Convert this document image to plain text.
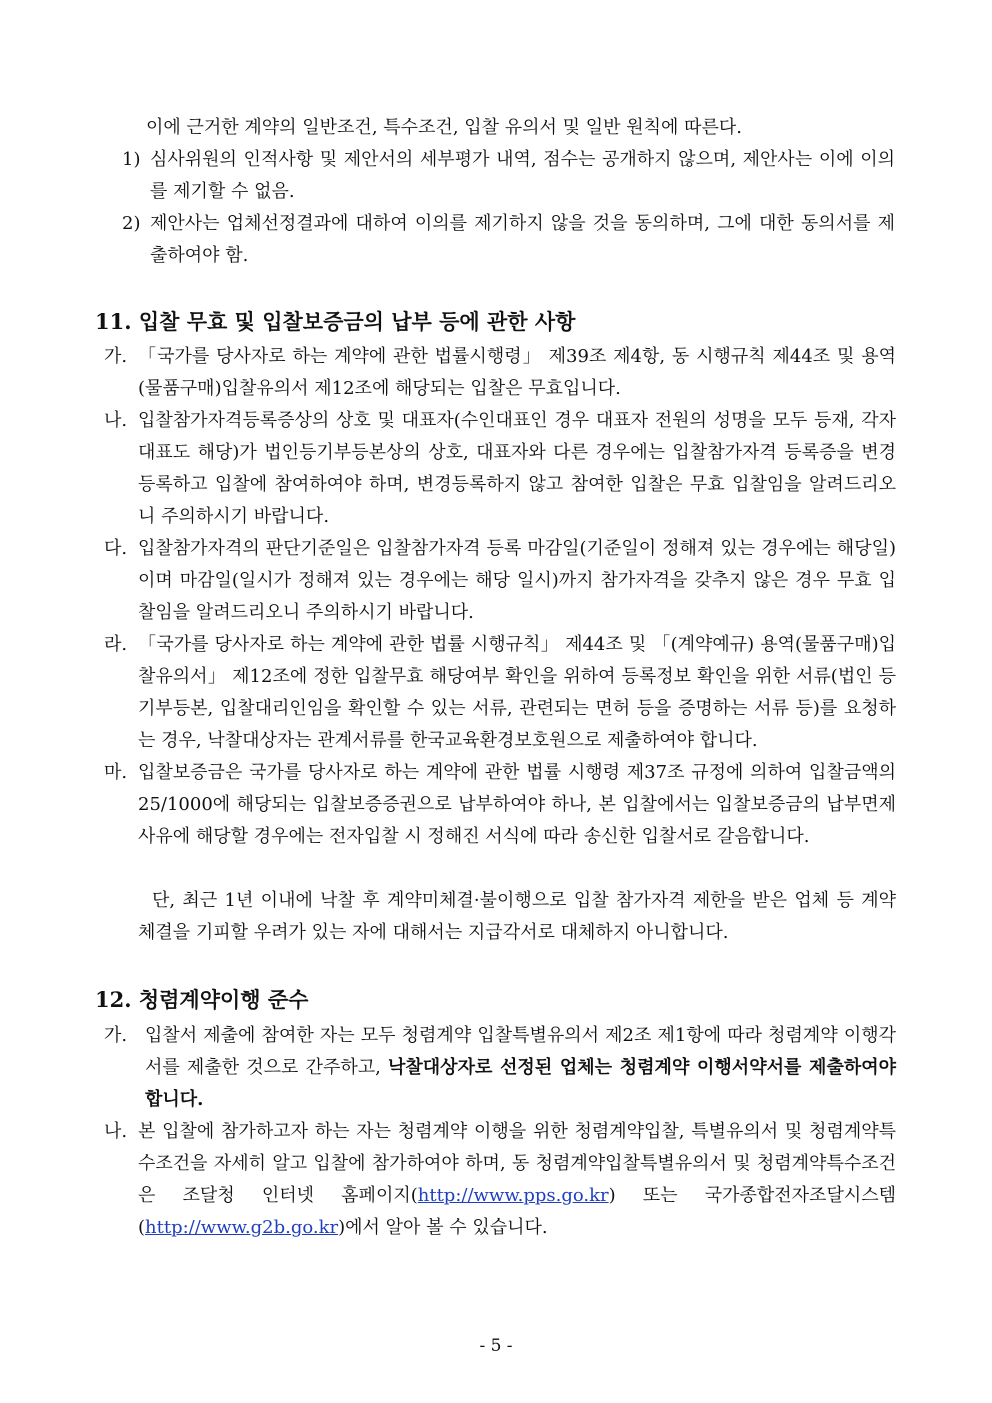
이에 근거한 계약의 일반조건, 특수조건, 입찰 유의서 및 일반 원칙에 따른다.
1) 심사위원의 인적사항 및 제안서의 세부평가 내역, 점수는 공개하지 않으며, 제안사는 이에 이의를 제기할 수 없음.
2) 제안사는 업체선정결과에 대하여 이의를 제기하지 않을 것을 동의하며, 그에 대한 동의서를 제출하여야 함.
11. 입찰 무효 및 입찰보증금의 납부 등에 관한 사항
가. 「국가를 당사자로 하는 계약에 관한 법률시행령」 제39조 제4항, 동 시행규칙 제44조 및 용역(물품구매)입찰유의서 제12조에 해당되는 입찰은 무효입니다.
나. 입찰참가자격등록증상의 상호 및 대표자(수인대표인 경우 대표자 전원의 성명을 모두 등재, 각자 대표도 해당)가 법인등기부등본상의 상호, 대표자와 다른 경우에는 입찰참가자격 등록증을 변경등록하고 입찰에 참여하여야 하며, 변경등록하지 않고 참여한 입찰은 무효 입찰임을 알려드리오니 주의하시기 바랍니다.
다. 입찰참가자격의 판단기준일은 입찰참가자격 등록 마감일(기준일이 정해져 있는 경우에는 해당일)이며 마감일(일시가 정해져 있는 경우에는 해당 일시)까지 참가자격을 갖추지 않은 경우 무효 입찰임을 알려드리오니 주의하시기 바랍니다.
라. 「국가를 당사자로 하는 계약에 관한 법률 시행규칙」 제44조 및 「(계약예규) 용역(물품구매)입찰유의서」 제12조에 정한 입찰무효 해당여부 확인을 위하여 등록정보 확인을 위한 서류(법인 등기부등본, 입찰대리인임을 확인할 수 있는 서류, 관련되는 면허 등을 증명하는 서류 등)를 요청하는 경우, 낙찰대상자는 관계서류를 한국교육환경보호원으로 제출하여야 합니다.
마. 입찰보증금은 국가를 당사자로 하는 계약에 관한 법률 시행령 제37조 규정에 의하여 입찰금액의 25/1000에 해당되는 입찰보증증권으로 납부하여야 하나, 본 입찰에서는 입찰보증금의 납부면제 사유에 해당할 경우에는 전자입찰 시 정해진 서식에 따라 송신한 입찰서로 갈음합니다.
단, 최근 1년 이내에 낙찰 후 계약미체결·불이행으로 입찰 참가자격 제한을 받은 업체 등 계약 체결을 기피할 우려가 있는 자에 대해서는 지급각서로 대체하지 아니합니다.
12. 청렴계약이행 준수
가. 입찰서 제출에 참여한 자는 모두 청렴계약 입찰특별유의서 제2조 제1항에 따라 청렴계약 이행각서를 제출한 것으로 간주하고, 낙찰대상자로 선정된 업체는 청렴계약 이행서약서를 제출하여야 합니다.
나. 본 입찰에 참가하고자 하는 자는 청렴계약 이행을 위한 청렴계약입찰, 특별유의서 및 청렴계약특수조건을 자세히 알고 입찰에 참가하여야 하며, 동 청렴계약입찰특별유의서 및 청렴계약특수조건은 조달청 인터넷 홈페이지(http://www.pps.go.kr) 또는 국가종합전자조달시스템(http://www.g2b.go.kr)에서 알아 볼 수 있습니다.
- 5 -
